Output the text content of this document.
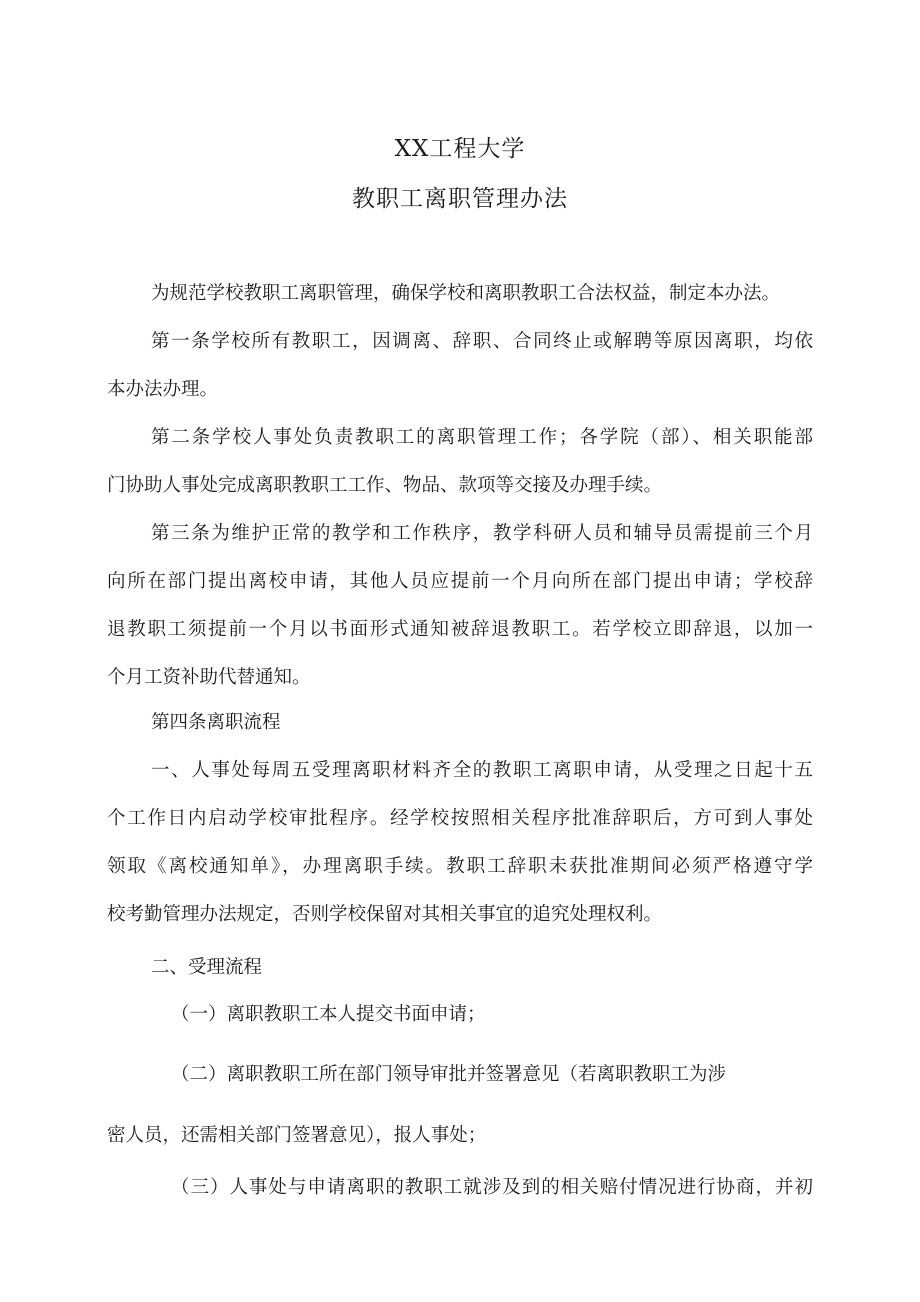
XX工程大学
教职工离职管理办法
为规范学校教职工离职管理，确保学校和离职教职工合法权益，制定本办法。
第一条学校所有教职工，因调离、辞职、合同终止或解聘等原因离职，均依
本办法办理。
第二条学校人事处负责教职工的离职管理工作；各学院（部）、相关职能部
门协助人事处完成离职教职工工作、物品、款项等交接及办理手续。
第三条为维护正常的教学和工作秩序，教学科研人员和辅导员需提前三个月
向所在部门提出离校申请，其他人员应提前一个月向所在部门提出申请；学校辞
退教职工须提前一个月以书面形式通知被辞退教职工。若学校立即辞退，以加一
个月工资补助代替通知。
第四条离职流程
一、人事处每周五受理离职材料齐全的教职工离职申请，从受理之日起十五
个工作日内启动学校审批程序。经学校按照相关程序批准辞职后，方可到人事处
领取《离校通知单》，办理离职手续。教职工辞职未获批准期间必须严格遵守学
校考勤管理办法规定，否则学校保留对其相关事宜的追究处理权利。
二、受理流程
（一）离职教职工本人提交书面申请；
（二）离职教职工所在部门领导审批并签署意见（若离职教职工为涉
密人员，还需相关部门签署意见），报人事处；
（三）人事处与申请离职的教职工就涉及到的相关赔付情况进行协商，并初
